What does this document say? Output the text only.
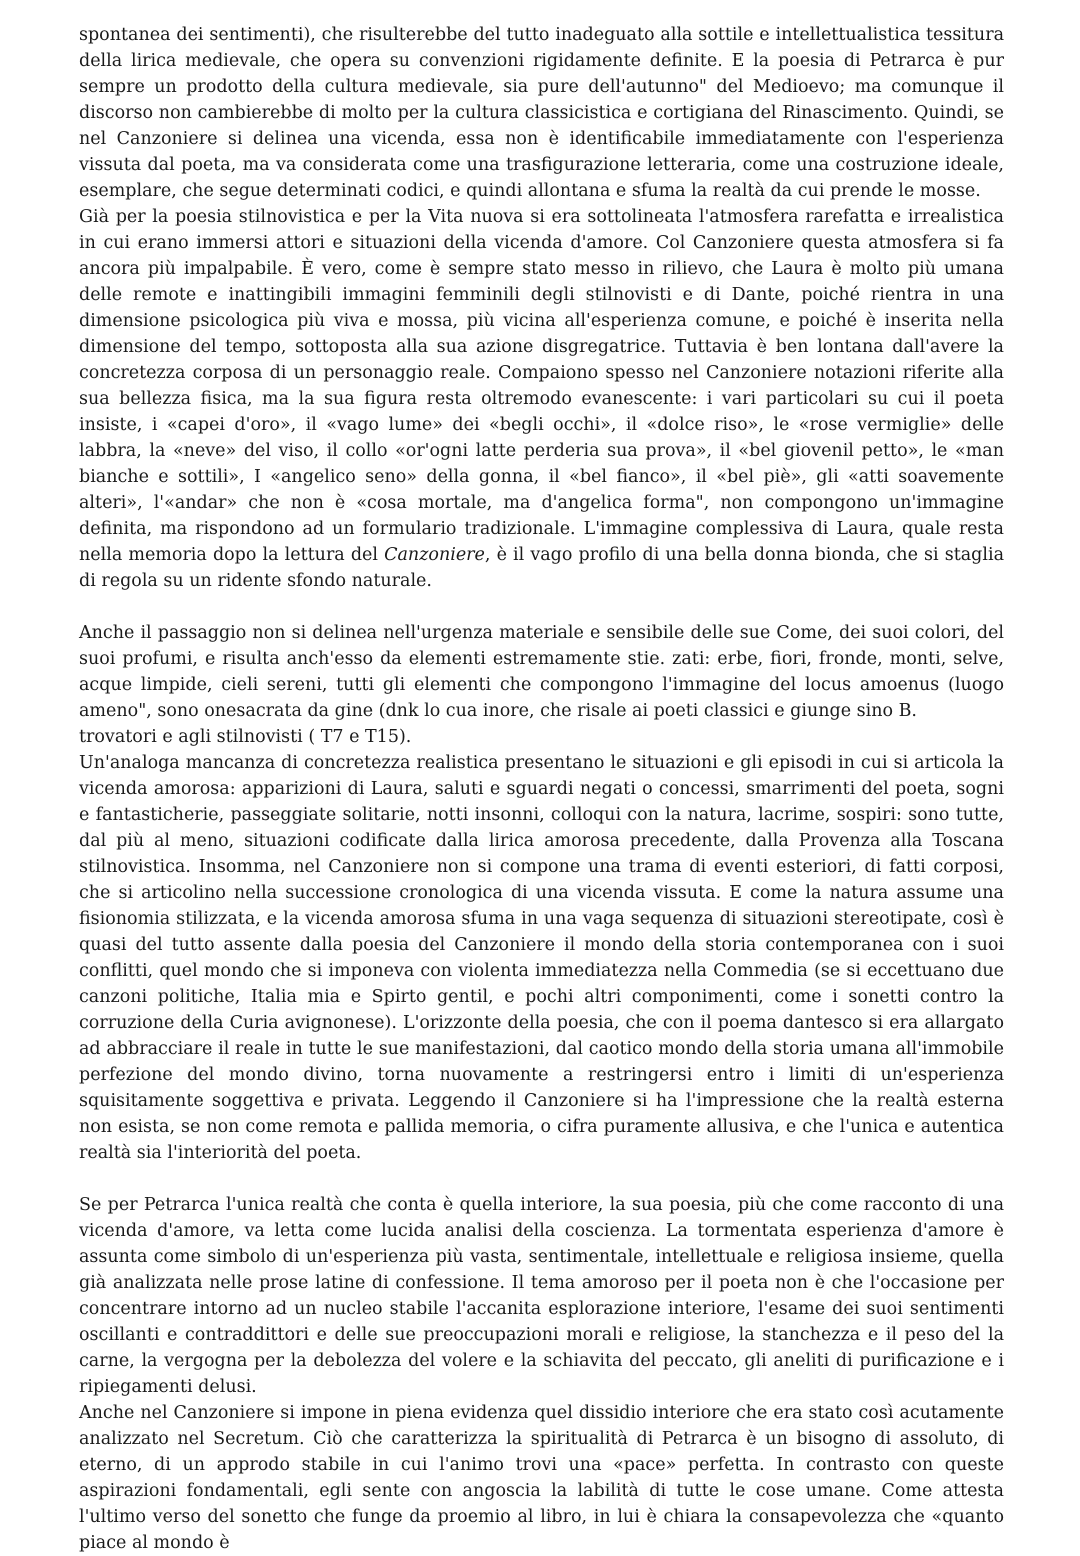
spontanea dei sentimenti), che risulterebbe del tutto inadeguato alla sottile e intellettualistica tessitura della lirica medievale, che opera su convenzioni rigidamente definite. E la poesia di Petrarca è pur sempre un prodotto della cultura medievale, sia pure dell'autunno" del Medioevo; ma comunque il discorso non cambierebbe di molto per la cultura classicistica e cortigiana del Rinascimento. Quindi, se nel Canzoniere si delinea una vicenda, essa non è identificabile immediatamente con l'esperienza vissuta dal poeta, ma va considerata come una trasfigurazione letteraria, come una costruzione ideale, esemplare, che segue determinati codici, e quindi allontana e sfuma la realtà da cui prende le mosse.

Già per la poesia stilnovistica e per la Vita nuova si era sottolineata l'atmosfera rarefatta e irrealistica in cui erano immersi attori e situazioni della vicenda d'amore. Col Canzoniere questa atmosfera si fa ancora più impalpabile. È vero, come è sempre stato messo in rilievo, che Laura è molto più umana delle remote e inattingibili immagini femminili degli stilnovisti e di Dante, poiché rientra in una dimensione psicologica più viva e mossa, più vicina all'esperienza comune, e poiché è inserita nella dimensione del tempo, sottoposta alla sua azione disgregatrice. Tuttavia è ben lontana dall'avere la concretezza corposa di un personaggio reale. Compaiono spesso nel Canzoniere notazioni riferite alla sua bellezza fisica, ma la sua figura resta oltremodo evanescente: i vari particolari su cui il poeta insiste, i «capei d'oro», il «vago lume» dei «begli occhi», il «dolce riso», le «rose vermiglie» delle labbra, la «neve» del viso, il collo «or'ogni latte perderia sua prova», il «bel giovenil petto», le «man bianche e sottili», I «angelico seno» della gonna, il «bel fianco», il «bel piè», gli «atti soavemente alteri», l'«andar» che non è «cosa mortale, ma d'angelica forma", non compongono un'immagine definita, ma rispondono ad un formulario tradizionale. L'immagine complessiva di Laura, quale resta nella memoria dopo la lettura del Canzoniere, è il vago profilo di una bella donna bionda, che si staglia di regola su un ridente sfondo naturale.

Anche il passaggio non si delinea nell'urgenza materiale e sensibile delle sue Come, dei suoi colori, del suoi profumi, e risulta anch'esso da elementi estremamente stie. zati: erbe, fiori, fronde, monti, selve, acque limpide, cieli sereni, tutti gli elementi che compongono l'immagine del locus amoenus (luogo ameno", sono onesacrata da gine (dnk lo cua inore, che risale ai poeti classici e giunge sino B.

trovatori e agli stilnovisti ( T7 e T15).

Un'analoga mancanza di concretezza realistica presentano le situazioni e gli episodi in cui si articola la vicenda amorosa: apparizioni di Laura, saluti e sguardi negati o concessi, smarrimenti del poeta, sogni e fantasticherie, passeggiate solitarie, notti insonni, colloqui con la natura, lacrime, sospiri: sono tutte, dal più al meno, situazioni codificate dalla lirica amorosa precedente, dalla Provenza alla Toscana stilnovistica. Insomma, nel Canzoniere non si compone una trama di eventi esteriori, di fatti corposi, che si articolino nella successione cronologica di una vicenda vissuta. E come la natura assume una fisionomia stilizzata, e la vicenda amorosa sfuma in una vaga sequenza di situazioni stereotipate, così è quasi del tutto assente dalla poesia del Canzoniere il mondo della storia contemporanea con i suoi conflitti, quel mondo che si imponeva con violenta immediatezza nella Commedia (se si eccettuano due canzoni politiche, Italia mia e Spirto gentil, e pochi altri componimenti, come i sonetti contro la corruzione della Curia avignonese). L'orizzonte della poesia, che con il poema dantesco si era allargato ad abbracciare il reale in tutte le sue manifestazioni, dal caotico mondo della storia umana all'immobile perfezione del mondo divino, torna nuovamente a restringersi entro i limiti di un'esperienza squisitamente soggettiva e privata. Leggendo il Canzoniere si ha l'impressione che la realtà esterna non esista, se non come remota e pallida memoria, o cifra puramente allusiva, e che l'unica e autentica realtà sia l'interiorità del poeta.

Se per Petrarca l'unica realtà che conta è quella interiore, la sua poesia, più che come racconto di una vicenda d'amore, va letta come lucida analisi della coscienza. La tormentata esperienza d'amore è assunta come simbolo di un'esperienza più vasta, sentimentale, intellettuale e religiosa insieme, quella già analizzata nelle prose latine di confessione. Il tema amoroso per il poeta non è che l'occasione per concentrare intorno ad un nucleo stabile l'accanita esplorazione interiore, l'esame dei suoi sentimenti oscillanti e contraddittori e delle sue preoccupazioni morali e religiose, la stanchezza e il peso del la carne, la vergogna per la debolezza del volere e la schiavita del peccato, gli aneliti di purificazione e i ripiegamenti delusi.

Anche nel Canzoniere si impone in piena evidenza quel dissidio interiore che era stato così acutamente analizzato nel Secretum. Ciò che caratterizza la spiritualità di Petrarca è un bisogno di assoluto, di eterno, di un approdo stabile in cui l'animo trovi una «pace» perfetta. In contrasto con queste aspirazioni fondamentali, egli sente con angoscia la labilità di tutte le cose umane. Come attesta l'ultimo verso del sonetto che funge da proemio al libro, in lui è chiara la consapevolezza che «quanto piace al mondo è
